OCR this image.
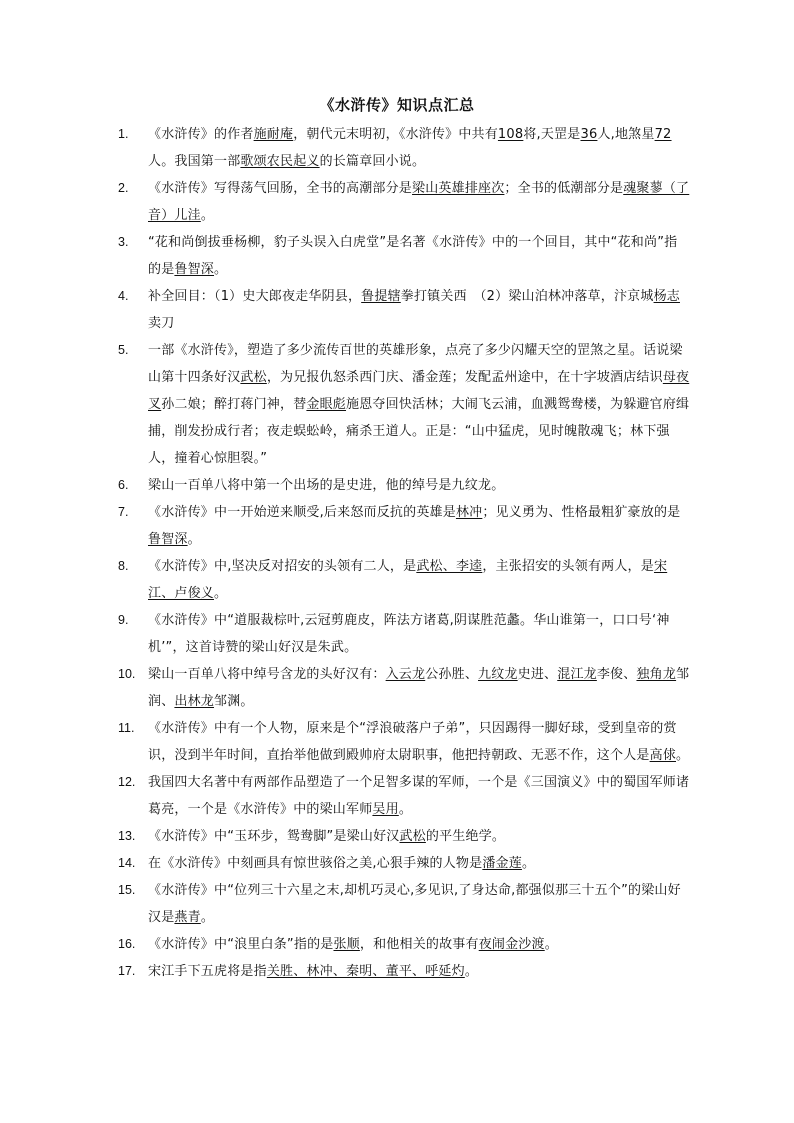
《水浒传》知识点汇总
1. 《水浒传》的作者施耐庵，朝代元末明初，《水浒传》中共有108将,天罡是36人,地煞星72人。我国第一部歌颂农民起义的长篇章回小说。
2. 《水浒传》写得荡气回肠，全书的高潮部分是梁山英雄排座次；全书的低潮部分是魂聚蓼（了音）儿洼。
3. “花和尚倒拔垂杨柳，豹子头误入白虎堂”是名著《水浒传》中的一个回目，其中“花和尚”指的是鲁智深。
4. 补全回目：（1）史大郎夜走华阴县，鲁提辖拳打镇关西　（2）梁山泊林冲落草，汴京城杨志卖刀
5. 一部《水浒传》，塑造了多少流传百世的英雄形象，点亮了多少闪耀天空的罡煞之星。话说梁山第十四条好汉武松，为兄报仇怒杀西门庆、潘金莲；发配孟州途中，在十字坡酒店结识母夜叉孙二娘；醉打蒋门神，替金眼彪施恩夺回快活林；大闹飞云浦，血溅鸳鸯楼，为躲避官府缉捕，削发扮成行者；夜走蜈蚣岭，痛杀王道人。正是：“山中猛虎，见时魄散魂飞；林下强人，撞着心惊胆裂。”
6. 梁山一百单八将中第一个出场的是史进，他的绰号是九纹龙。
7. 《水浒传》中一开始逆来顺受,后来怒而反抗的英雄是林冲；见义勇为、性格最粗犷豪放的是鲁智深。
8. 《水浒传》中,坚决反对招安的头领有二人，是武松、李逵，主张招安的头领有两人，是宋江、卢俊义。
9. 《水浒传》中“道服裁棕叶,云冠剪鹿皮，阵法方诸葛,阴谋胜范蠡。华山谁第一，口口号‘神机’”，这首诗赞的梁山好汉是朱武。
10. 梁山一百单八将中绰号含龙的头好汉有：入云龙公孙胜、九纹龙史进、混江龙李俊、独角龙邹润、出林龙邹渊。
11. 《水浒传》中有一个人物，原来是个“浮浪破落户子弟”，只因踢得一脚好球，受到皇帝的赏识，没到半年时间，直抬举他做到殿帅府太尉职事，他把持朝政、无恶不作，这个人是高俅。
12. 我国四大名著中有两部作品塑造了一个足智多谋的军师，一个是《三国演义》中的蜀国军师诸葛亮，一个是《水浒传》中的梁山军师吴用。
13. 《水浒传》中“玉环步，鸳鸯脚”是梁山好汉武松的平生绝学。
14. 在《水浒传》中刻画具有惊世骇俗之美,心狠手辣的人物是潘金莲。
15. 《水浒传》中“位列三十六星之末,却机巧灵心,多见识,了身达命,都强似那三十五个”的梁山好汉是燕青。
16. 《水浒传》中“浪里白条”指的是张顺，和他相关的故事有夜闹金沙渡。
17. 宋江手下五虎将是指关胜、林冲、秦明、董平、呼延灼。
